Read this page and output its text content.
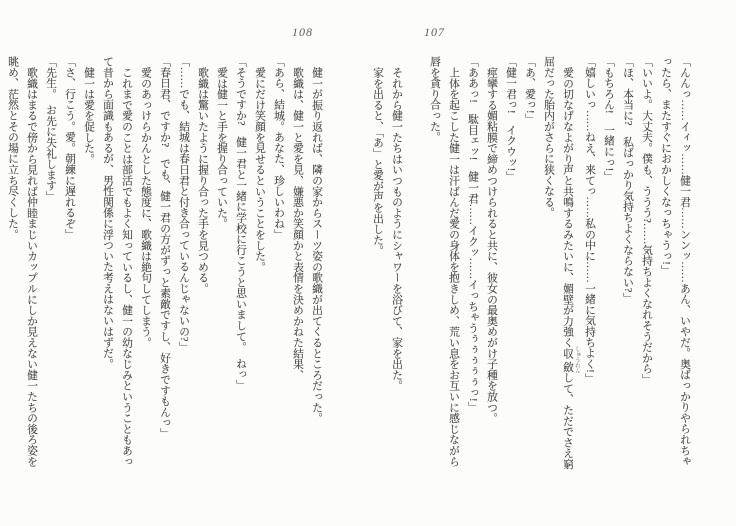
108
健一が振り返れば、隣の家からスーツ姿の歌織が出てくるところだった。
歌織は、健一と愛を見、嫌悪か笑顔かと表情を決めかねた結果、
「あら、結城。あなた、珍しいわね」
愛にだけ笑顔を見せるということをした。
「そうですか?　健一君と一緒に学校に行こうと思いまして。　ねっ」
愛は健一と手を握り合っていた。
歌織は驚いたように握り合った手を見つめる。
「……でも、結城は春日君と付き合っているんじゃないの?」
「春日君、ですか?　でも、健一君の方がずっと素敵ですし、好きですもんっ」
愛のあっけらかんとした態度に、歌織は絶句してしまう。
これまで愛のことは部活でもよく知っているし、健一の幼なじみということもあっ
て昔から面識もあるが、男性関係に浮ついた考えはないはずだ。
健一は愛を促した。
「さ、行こう。愛。朝練に遅れるぞ」
「先生。　お先に失礼します」
歌織はまるで傍から見れば仲睦まじいカップルにしか見えない健一たちの後ろ姿を
眺め、茫然とその場に立ち尽くした。
107
「んんっ……イィッ……健一君……ンンッ……あん、いやだ。奥ばっかりやられちゃ
ったら、またすぐにおかしくなっちゃうっ!」
「いいよ。大丈夫。僕も、ううう?……気持ちよくなれそうだから」
「ほ、本当に?　私ばっかり気持ちよくならない?」
「もちろん!　一緒にっ!」
「嬉しいっ……ねえ、来てっ……私の中に……一緒に気持ちよく!」
愛の切なげなよがり声と共鳴するみたいに、媚壁が力強く収斂 しゅうれんして、ただでさえ窮
屈だった胎内がさらに狭くなる。
「あ、愛っ!」
「健一君っ!　イクウッ!」
痙攣する媚粘膜で締めつけられると共に、彼女の最奥めがけ子種を放つ。
「ああっ!　駄目ェッ!　健一君……イクッ……イっちゃうぅぅぅぅぅっ!」
上体を起こした健一は汗ばんだ愛の身体を抱きしめ、荒い息をお互いに感じながら
唇を貪り合った。

それから健一たちはいつものようにシャワーを浴びて、家を出た。
家を出ると、「あ」と愛が声を出した。
